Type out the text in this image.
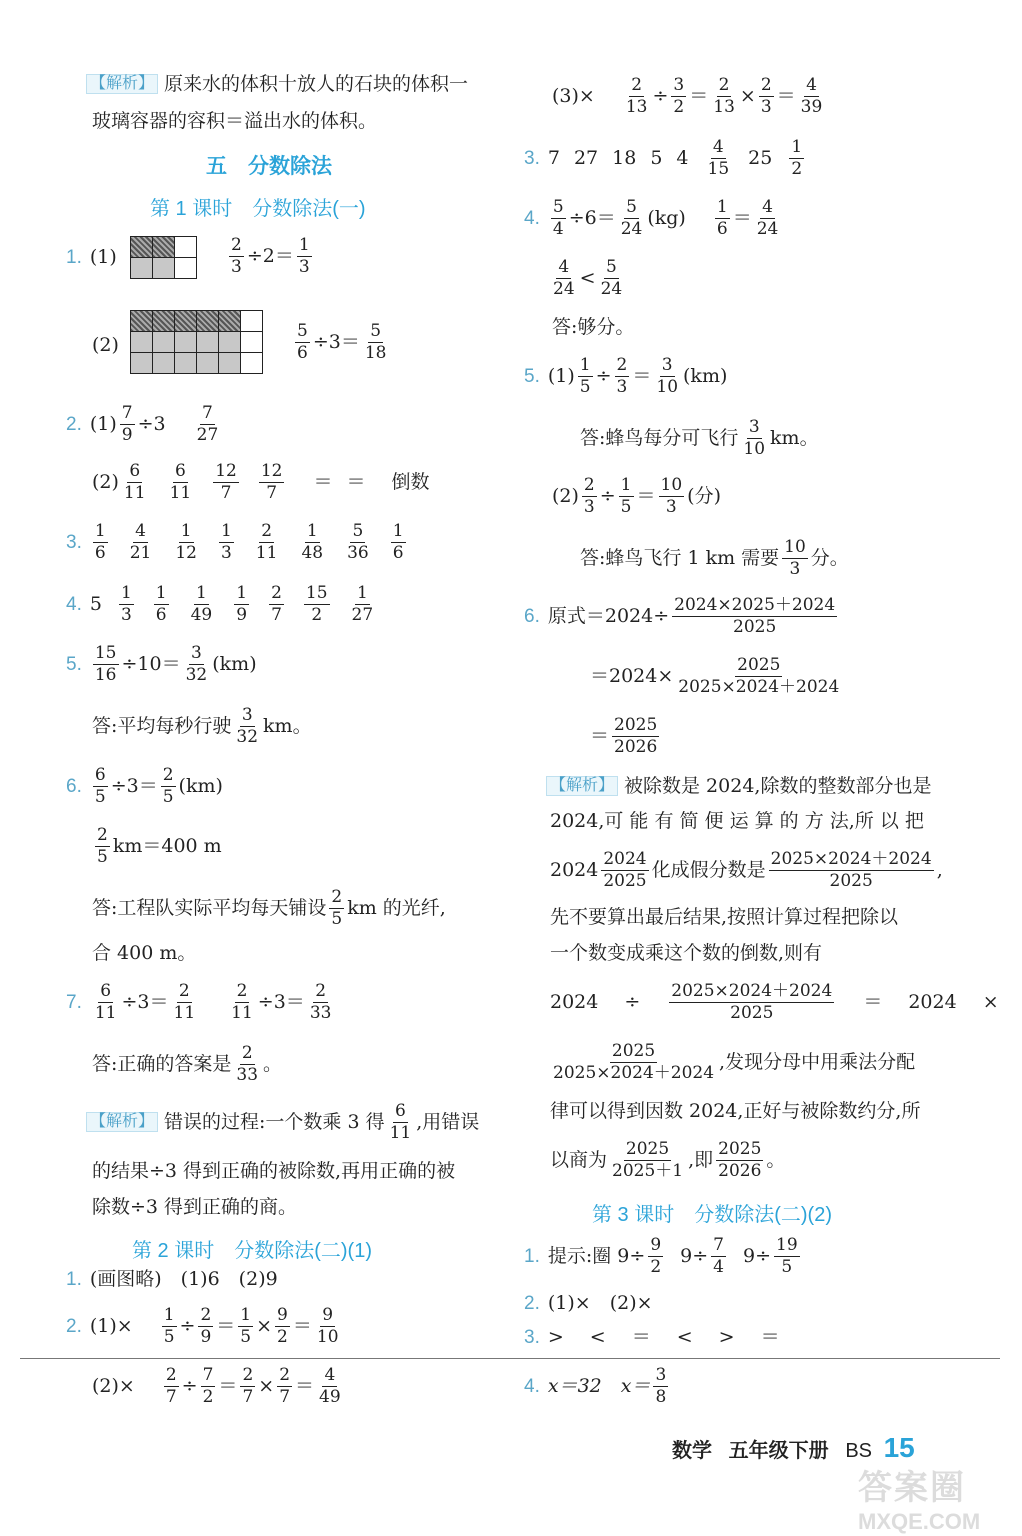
【解析】 原来水的体积十放人的石块的体积一
玻璃容器的容积＝溢出水的体积。
五　分数除法
第 1 课时　分数除法(一)
1. (1)	$\frac{2}{3} \div 2= 1$
3
(2)	$\frac{5}{6} \div 3= 5$
18
2. $(1) \frac{7}{9} \div 3$ 7
27
(2) 6
11
6
11
12
7
12
7 ＝ ＝ 倒数
3.
1
6
4
21
1
12
1
3
2
11
1
48
5
36
1
6
4. 5 1
3
1
6
1
49
1
9
2
7
15
2
1
27
5. $\frac{15}{16} \div 10= 3$
32 (km)
答:平均每秒行驶 3
32 km。
6. $\frac{6}{5} \div 3= 2$
5 (km)
2
5 km＝400 m
答:工程队实际平均每天铺设 2
5 km 的光纤,
合 400 m。
7. $\frac{6}{11} \div 3= 2$
$11 \frac{2}{11} \div 3= 2$
33
答:正确的答案是 2
33 。
【解析】 错误的过程:一个数乘 3 得 6
11 ,用错误
的结果÷3 得到正确的被除数,再用正确的被
除数÷3 得到正确的商。
第 2 课时　分数除法(二)(1)
1. (画图略)　(1)6　(2)9
2. $(1)\times \frac{1}{5} \div \frac{2}{9} = \frac{1}{5} \times \frac{9}{2} = 9$
10
$(2)\times \frac{2}{7} \div \frac{7}{2} = \frac{2}{7} \times \frac{2}{7} = 4$
49
$(3)\times \frac{2}{13} \div \frac{3}{2} = \frac{2}{13} \times \frac{2}{3} = 4$
39
3. 7 27 18 5 4 4
15 25 1
2
4. $\frac{5}{4} \div 6= 5$
24 (kg) 1
6 ＝ 4
24
4
24 < 5
24
答:够分。
5. $(1) \frac{1}{5} \div \frac{2}{3} = 3$
10 (km)
答:蜂鸟每分可飞行 3
10 km。
$(2) \frac{2}{3} \div \frac{1}{5} = 10$
3 (分)
答:蜂鸟飞行 1 km 需要 10
3 分。
6. 原式$=2024\div \frac{2024\times 2025+2024}{2025}$
$=2024\times \frac{2025}{2025\times 2024+2024}$
＝ 2025
2026
【解析】 被除数是 2024,除数的整数部分也是
2024,可 能 有 简 便 运 算 的 方 法,所 以 把
2024 2024
2025 化成假分数是 2025×2024＋2024
2025	,
先不要算出最后结果,按照计算过程把除以
一个数变成乘这个数的倒数,则有
2024 ÷ 2025×2024＋2024
2025	＝ 2024 ×
2025
2025×2024＋2024 ,发现分母中用乘法分配
律可以得到因数 2024,正好与被除数约分,所
以商为 2025
2025＋1 ,即 2025
2026 。
第 3 课时　分数除法(二)(2)
1. 提示:圈 $9\div \frac{9}{2} 9\div \frac{7}{4} 9\div \frac{19}{5}$
2. (1)×　(2)×
3. > < ＝ < > ＝
4. x＝32　x＝ 3
8
数学 五年级下册 BS 15
答案圈
MXQE.COM
